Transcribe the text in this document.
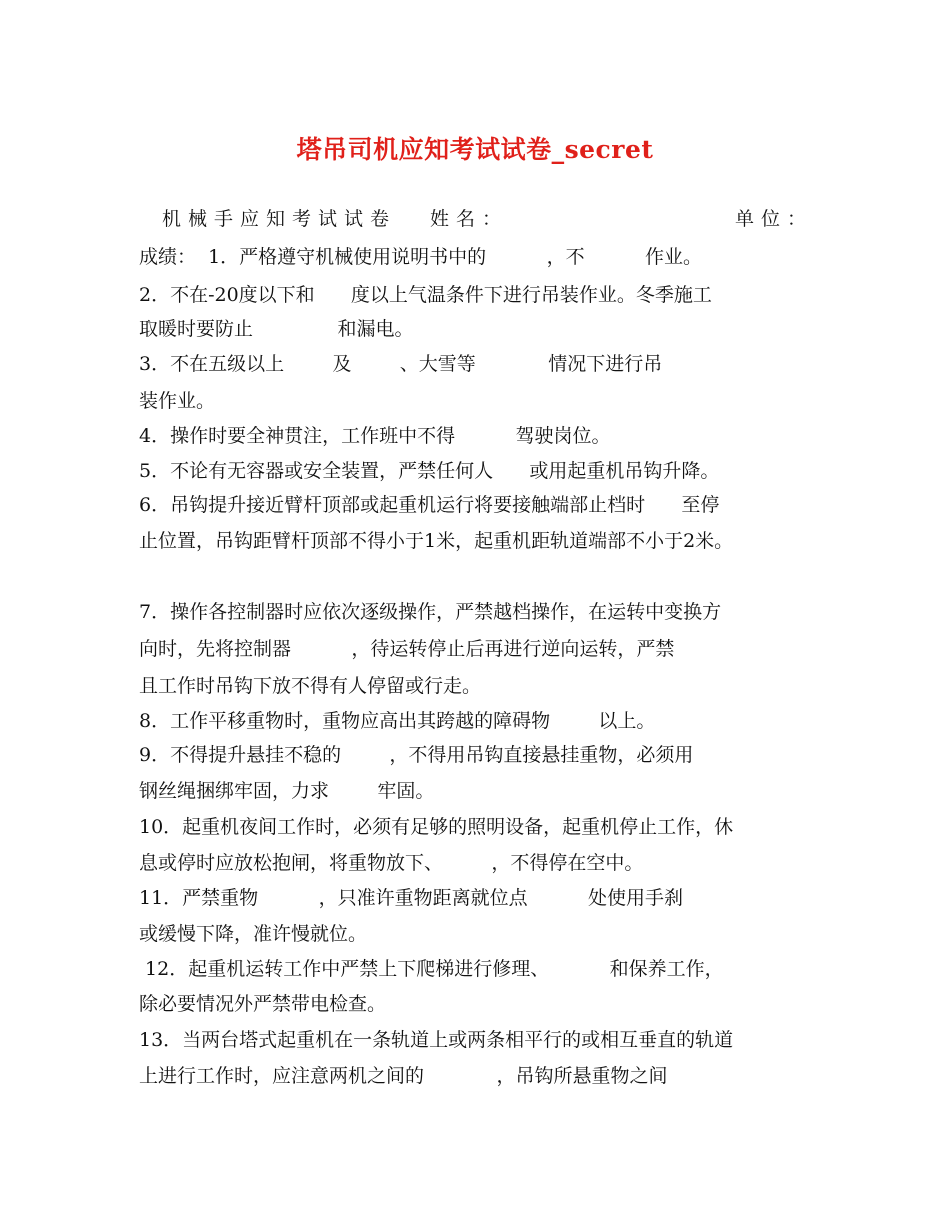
塔吊司机应知考试试卷_secret
机械手应知考试试卷 姓名：	单位：
成绩：  1．严格遵守机械使用说明书中的          ，不          作业。
2．不在-20度以下和      度以上气温条件下进行吊装作业。冬季施工
取暖时要防止              和漏电。
3．不在五级以上        及        、大雪等            情况下进行吊
装作业。
4．操作时要全神贯注，工作班中不得          驾驶岗位。
5．不论有无容器或安全装置，严禁任何人      或用起重机吊钩升降。
6．吊钩提升接近臂杆顶部或起重机运行将要接触端部止档时      至停
止位置，吊钩距臂杆顶部不得小于1米，起重机距轨道端部不小于2米。
7．操作各控制器时应依次逐级操作，严禁越档操作，在运转中变换方
向时，先将控制器          ，待运转停止后再进行逆向运转，严禁
且工作时吊钩下放不得有人停留或行走。
8．工作平移重物时，重物应高出其跨越的障碍物        以上。
9．不得提升悬挂不稳的        ，不得用吊钩直接悬挂重物，必须用
钢丝绳捆绑牢固，力求        牢固。
10．起重机夜间工作时，必须有足够的照明设备，起重机停止工作，休
息或停时应放松抱闸，将重物放下、        ，不得停在空中。
11．严禁重物          ，只准许重物距离就位点          处使用手刹
或缓慢下降，准许慢就位。
12．起重机运转工作中严禁上下爬梯进行修理、          和保养工作，
除必要情况外严禁带电检查。
13．当两台塔式起重机在一条轨道上或两条相平行的或相互垂直的轨道
上进行工作时，应注意两机之间的            ，吊钩所悬重物之间
